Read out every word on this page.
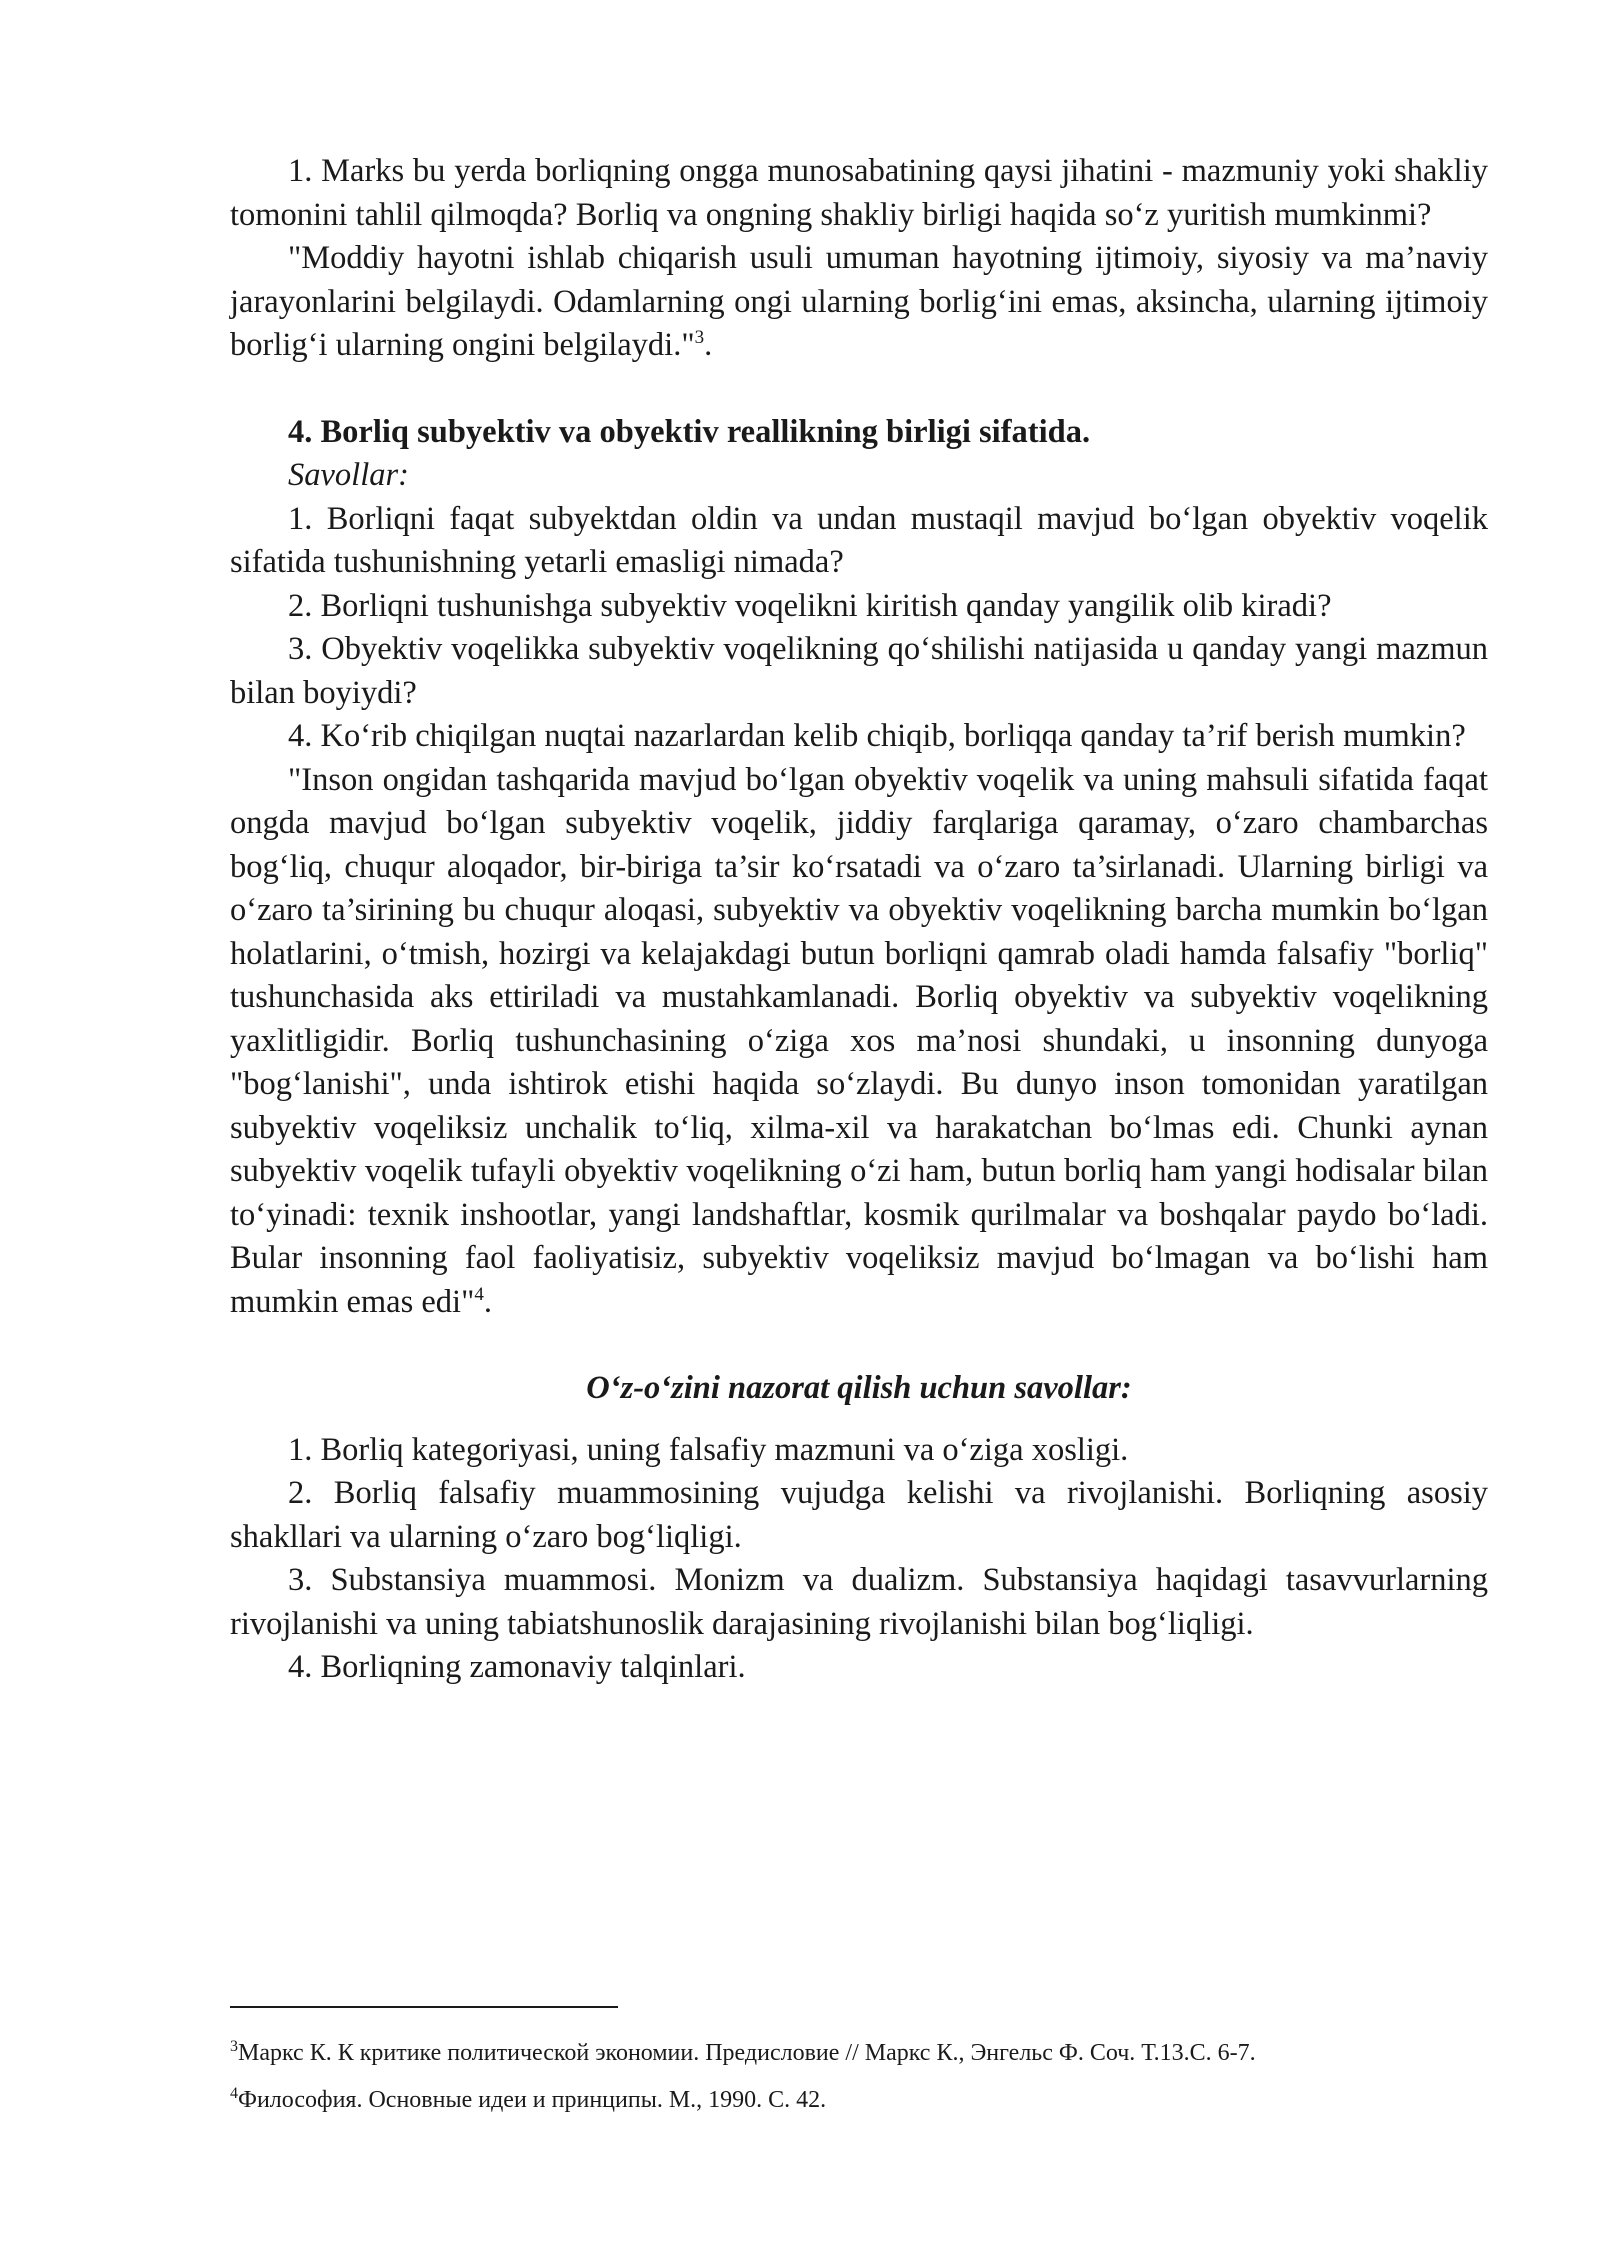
1. Marks bu yerda borliqning ongga munosabatining qaysi jihatini - mazmuniy yoki shakliy tomonini tahlil qilmoqda? Borliq va ongning shakliy birligi haqida so‘z yuritish mumkinmi?

"Moddiy hayotni ishlab chiqarish usuli umuman hayotning ijtimoiy, siyosiy va ma’naviy jarayonlarini belgilaydi. Odamlarning ongi ularning borlig‘ini emas, aksincha, ularning ijtimoiy borlig‘i ularning ongini belgilaydi."$^3$.

4. Borliq subyektiv va obyektiv reallikning birligi sifatida.

Savollar:

1. Borliqni faqat subyektdan oldin va undan mustaqil mavjud bo‘lgan obyektiv voqelik sifatida tushunishning yetarli emasligi nimada?

2. Borliqni tushunishga subyektiv voqelikni kiritish qanday yangilik olib kiradi?

3. Obyektiv voqelikka subyektiv voqelikning qo‘shilishi natijasida u qanday yangi mazmun bilan boyiydi?

4. Ko‘rib chiqilgan nuqtai nazarlardan kelib chiqib, borliqqa qanday ta’rif berish mumkin?

"Inson ongidan tashqarida mavjud bo‘lgan obyektiv voqelik va uning mahsuli sifatida faqat ongda mavjud bo‘lgan subyektiv voqelik, jiddiy farqlariga qaramay, o‘zaro chambarchas bog‘liq, chuqur aloqador, bir-biriga ta’sir ko‘rsatadi va o‘zaro ta’sirlanadi. Ularning birligi va o‘zaro ta’sirining bu chuqur aloqasi, subyektiv va obyektiv voqelikning barcha mumkin bo‘lgan holatlarini, o‘tmish, hozirgi va kelajakdagi butun borliqni qamrab oladi hamda falsafiy "borliq" tushunchasida aks ettiriladi va mustahkamlanadi. Borliq obyektiv va subyektiv voqelikning yaxlitligidir. Borliq tushunchasining o‘ziga xos ma’nosi shundaki, u insonning dunyoga "bog‘lanishi", unda ishtirok etishi haqida so‘zlaydi. Bu dunyo inson tomonidan yaratilgan subyektiv voqeliksiz unchalik to‘liq, xilma-xil va harakatchan bo‘lmas edi. Chunki aynan subyektiv voqelik tufayli obyektiv voqelikning o‘zi ham, butun borliq ham yangi hodisalar bilan to‘yinadi: texnik inshootlar, yangi landshaftlar, kosmik qurilmalar va boshqalar paydo bo‘ladi. Bular insonning faol faoliyatisiz, subyektiv voqeliksiz mavjud bo‘lmagan va bo‘lishi ham mumkin emas edi"$^4$.

O‘z-o‘zini nazorat qilish uchun savollar:

1. Borliq kategoriyasi, uning falsafiy mazmuni va o‘ziga xosligi.

2. Borliq falsafiy muammosining vujudga kelishi va rivojlanishi. Borliqning asosiy shakllari va ularning o‘zaro bog‘liqligi.

3. Substansiya muammosi. Monizm va dualizm. Substansiya haqidagi tasavvurlarning rivojlanishi va uning tabiatshunoslik darajasining rivojlanishi bilan bog‘liqligi.

4. Borliqning zamonaviy talqinlari.

$^3$Маркс К. К критике политической экономии. Предисловие // Маркс К., Энгельс Ф. Соч. Т.13.С. 6-7.

$^4$Философия. Основные идеи и принципы. М., 1990. С. 42.
